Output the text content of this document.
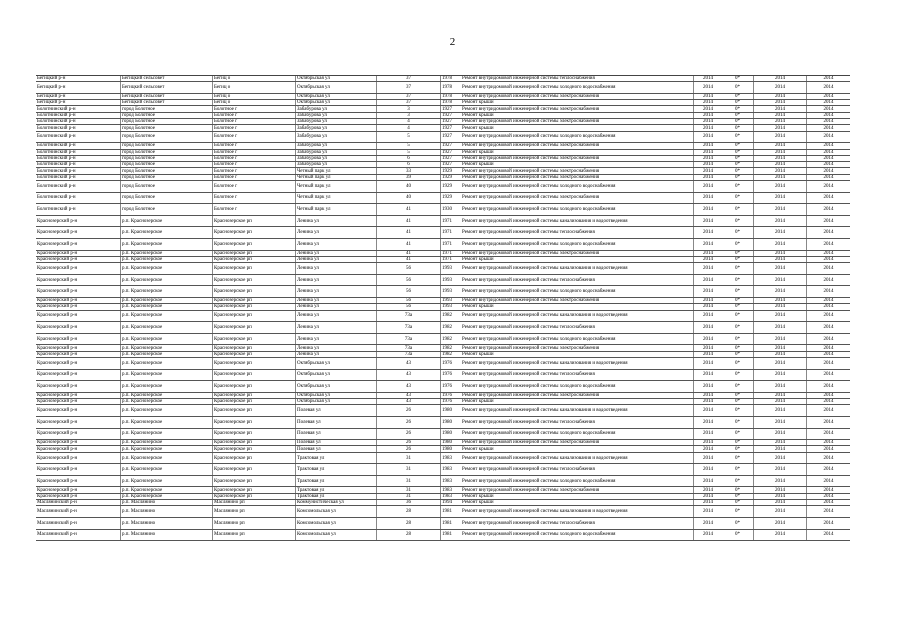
2
Бегицкий р-н	Бегицкий сельсовет	Бегиц о	Октябрьская ул	37	1978	Ремонт внутридомовой инженерной системы теплоснабжения	2014	0*	2014	2014
Бегицкий р-н	Бегицкий сельсовет	Бегиц о	Октябрьская ул	37	1978	Ремонт внутридомовой инженерной системы холодного водоснабжения	2014	0*	2014	2014
Бегицкий р-н	Бегицкий сельсовет	Бегиц о	Октябрьская ул	37	1978	Ремонт внутридомовой инженерной системы электроснабжения	2014	0*	2014	2014
Бегицкий р-н	Бегицкий сельсовет	Бегиц о	Октябрьская ул	37	1978	Ремонт крыши	2014	0*	2014	2014
Болотнинский р-н	город Болотное	Болотное г	Забабурова ул	3	1927	Ремонт внутридомовой инженерной системы электроснабжения	2014	0*	2014	2014
Болотнинский р-н	город Болотное	Болотное г	Забабурова ул	3	1927	Ремонт крыши	2014	0*	2014	2014
Болотнинский р-н	город Болотное	Болотное г	Забабурова ул	4	1927	Ремонт внутридомовой инженерной системы электроснабжения	2014	0*	2014	2014
Болотнинский р-н	город Болотное	Болотное г	Забабурова ул	4	1927	Ремонт крыши	2014	0*	2014	2014
Болотнинский р-н	город Болотное	Болотное г	Забабурова ул	5	1927	Ремонт внутридомовой инженерной системы холодного водоснабжения	2014	0*	2014	2014
Болотнинский р-н	город Болотное	Болотное г	Забабурова ул	5	1927	Ремонт внутридомовой инженерной системы электроснабжения	2014	0*	2014	2014
Болотнинский р-н	город Болотное	Болотное г	Забабурова ул	5	1927	Ремонт крыши	2014	0*	2014	2014
Болотнинский р-н	город Болотное	Болотное г	Забабурова ул	6	1927	Ремонт внутридомовой инженерной системы электроснабжения	2014	0*	2014	2014
Болотнинский р-н	город Болотное	Болотное г	Забабурова ул	6	1927	Ремонт крыши	2014	0*	2014	2014
Болотнинский р-н	город Болотное	Болотное г	Четный парк ул	33	1929	Ремонт внутридомовой инженерной системы электроснабжения	2014	0*	2014	2014
Болотнинский р-н	город Болотное	Болотное г	Четный парк ул	39	1929	Ремонт внутридомовой инженерной системы электроснабжения	2014	0*	2014	2014
Болотнинский р-н	город Болотное	Болотное г	Четный парк ул	40	1929	Ремонт внутридомовой инженерной системы холодного водоснабжения	2014	0*	2014	2014
Болотнинский р-н	город Болотное	Болотное г	Четный парк ул	40	1929	Ремонт внутридомовой инженерной системы электроснабжения	2014	0*	2014	2014
Болотнинский р-н	город Болотное	Болотное г	Четный парк ул	41	1930	Ремонт внутридомовой инженерной системы холодного водоснабжения	2014	0*	2014	2014
Краснозерский р-н	р.п. Краснозерское	Краснозерское рп	Ленина ул	41	1971	Ремонт внутридомовой инженерной системы канализования и водоотведения	2014	0*	2014	2014
Краснозерский р-н	р.п. Краснозерское	Краснозерское рп	Ленина ул	41	1971	Ремонт внутридомовой инженерной системы теплоснабжения	2014	0*	2014	2014
Краснозерский р-н	р.п. Краснозерское	Краснозерское рп	Ленина ул	41	1971	Ремонт внутридомовой инженерной системы холодного водоснабжения	2014	0*	2014	2014
Краснозерский р-н	р.п. Краснозерское	Краснозерское рп	Ленина ул	41	1971	Ремонт внутридомовой инженерной системы электроснабжения	2014	0*	2014	2014
Краснозерский р-н	р.п. Краснозерское	Краснозерское рп	Ленина ул	41	1971	Ремонт крыши	2014	0*	2014	2014
Краснозерский р-н	р.п. Краснозерское	Краснозерское рп	Ленина ул	56	1993	Ремонт внутридомовой инженерной системы канализования и водоотведения	2014	0*	2014	2014
Краснозерский р-н	р.п. Краснозерское	Краснозерское рп	Ленина ул	56	1993	Ремонт внутридомовой инженерной системы теплоснабжения	2014	0*	2014	2014
Краснозерский р-н	р.п. Краснозерское	Краснозерское рп	Ленина ул	56	1993	Ремонт внутридомовой инженерной системы холодного водоснабжения	2014	0*	2014	2014
Краснозерский р-н	р.п. Краснозерское	Краснозерское рп	Ленина ул	56	1993	Ремонт внутридомовой инженерной системы электроснабжения	2014	0*	2014	2014
Краснозерский р-н	р.п. Краснозерское	Краснозерское рп	Ленина ул	56	1993	Ремонт крыши	2014	0*	2014	2014
Краснозерский р-н	р.п. Краснозерское	Краснозерское рп	Ленина ул	73а	1982	Ремонт внутридомовой инженерной системы канализования и водоотведения	2014	0*	2014	2014
Краснозерский р-н	р.п. Краснозерское	Краснозерское рп	Ленина ул	73а	1982	Ремонт внутридомовой инженерной системы теплоснабжения	2014	0*	2014	2014
Краснозерский р-н	р.п. Краснозерское	Краснозерское рп	Ленина ул	73а	1982	Ремонт внутридомовой инженерной системы холодного водоснабжения	2014	0*	2014	2014
Краснозерский р-н	р.п. Краснозерское	Краснозерское рп	Ленина ул	73а	1982	Ремонт внутридомовой инженерной системы электроснабжения	2014	0*	2014	2014
Краснозерский р-н	р.п. Краснозерское	Краснозерское рп	Ленина ул	73а	1982	Ремонт крыши	2014	0*	2014	2014
Краснозерский р-н	р.п. Краснозерское	Краснозерское рп	Октябрьская ул	43	1976	Ремонт внутридомовой инженерной системы канализования и водоотведения	2014	0*	2014	2014
Краснозерский р-н	р.п. Краснозерское	Краснозерское рп	Октябрьская ул	43	1976	Ремонт внутридомовой инженерной системы теплоснабжения	2014	0*	2014	2014
Краснозерский р-н	р.п. Краснозерское	Краснозерское рп	Октябрьская ул	43	1976	Ремонт внутридомовой инженерной системы холодного водоснабжения	2014	0*	2014	2014
Краснозерский р-н	р.п. Краснозерское	Краснозерское рп	Октябрьская ул	43	1976	Ремонт внутридомовой инженерной системы электроснабжения	2014	0*	2014	2014
Краснозерский р-н	р.п. Краснозерское	Краснозерское рп	Октябрьская ул	43	1976	Ремонт крыши	2014	0*	2014	2014
Краснозерский р-н	р.п. Краснозерское	Краснозерское рп	Полевая ул	26	1980	Ремонт внутридомовой инженерной системы канализования и водоотведения	2014	0*	2014	2014
Краснозерский р-н	р.п. Краснозерское	Краснозерское рп	Полевая ул	26	1980	Ремонт внутридомовой инженерной системы теплоснабжения	2014	0*	2014	2014
Краснозерский р-н	р.п. Краснозерское	Краснозерское рп	Полевая ул	26	1980	Ремонт внутридомовой инженерной системы холодного водоснабжения	2014	0*	2014	2014
Краснозерский р-н	р.п. Краснозерское	Краснозерское рп	Полевая ул	26	1980	Ремонт внутридомовой инженерной системы электроснабжения	2014	0*	2014	2014
Краснозерский р-н	р.п. Краснозерское	Краснозерское рп	Полевая ул	26	1980	Ремонт крыши	2014	0*	2014	2014
Краснозерский р-н	р.п. Краснозерское	Краснозерское рп	Трактовая ул	31	1983	Ремонт внутридомовой инженерной системы канализования и водоотведения	2014	0*	2014	2014
Краснозерский р-н	р.п. Краснозерское	Краснозерское рп	Трактовая ул	31	1983	Ремонт внутридомовой инженерной системы теплоснабжения	2014	0*	2014	2014
Краснозерский р-н	р.п. Краснозерское	Краснозерское рп	Трактовая ул	31	1983	Ремонт внутридомовой инженерной системы холодного водоснабжения	2014	0*	2014	2014
Краснозерский р-н	р.п. Краснозерское	Краснозерское рп	Трактовая ул	31	1983	Ремонт внутридомовой инженерной системы электроснабжения	2014	0*	2014	2014
Краснозерский р-н	р.п. Краснозерское	Краснозерское рп	Трактовая ул	31	1983	Ремонт крыши	2014	0*	2014	2014
Маслянинский р-н	р.п. Маслянино	Маслянино рп	Коммунистическая ул	36	1994	Ремонт крыши	2014	0*	2014	2014
Маслянинский р-н	р.п. Маслянино	Маслянино рп	Комсомольская ул	28	1981	Ремонт внутридомовой инженерной системы канализования и водоотведения	2014	0*	2014	2014
Маслянинский р-н	р.п. Маслянино	Маслянино рп	Комсомольская ул	28	1981	Ремонт внутридомовой инженерной системы теплоснабжения	2014	0*	2014	2014
Маслянинский р-н	р.п. Маслянино	Маслянино рп	Комсомольская ул	28	1981	Ремонт внутридомовой инженерной системы холодного водоснабжения	2014	0*	2014	2014
